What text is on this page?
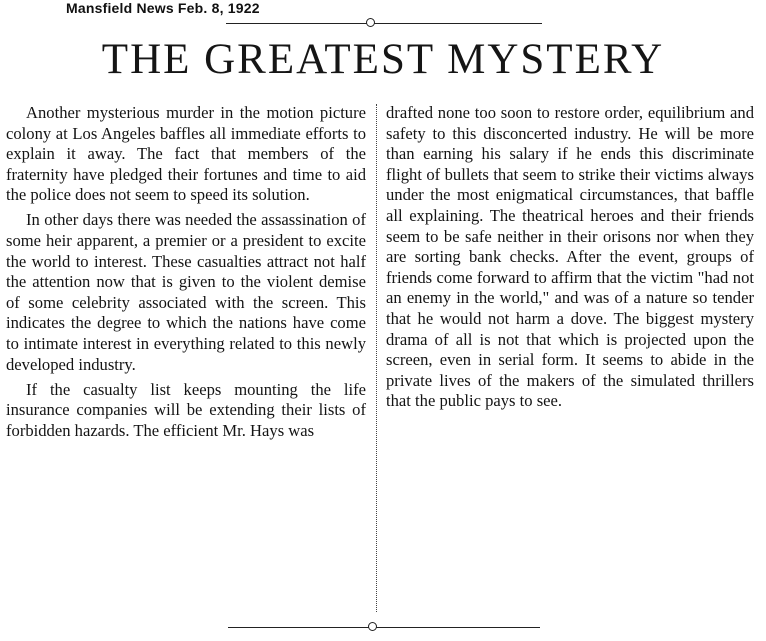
Mansfield News Feb. 8, 1922
THE GREATEST MYSTERY

Another mysterious murder in the motion picture colony at Los Angeles baffles all immediate efforts to explain it away. The fact that members of the fraternity have pledged their fortunes and time to aid the police does not seem to speed its solution.

In other days there was needed the assassination of some heir apparent, a premier or a president to excite the world to interest. These casualties attract not half the attention now that is given to the violent demise of some celebrity associated with the screen. This indicates the degree to which the nations have come to intimate interest in everything related to this newly developed industry.

If the casualty list keeps mounting the life insurance companies will be extending their lists of forbidden hazards. The efficient Mr. Hays was

drafted none too soon to restore order, equilibrium and safety to this disconcerted industry. He will be more than earning his salary if he ends this discriminate flight of bullets that seem to strike their victims always under the most enigmatical circumstances, that baffle all explaining. The theatrical heroes and their friends seem to be safe neither in their orisons nor when they are sorting bank checks. After the event, groups of friends come forward to affirm that the victim "had not an enemy in the world," and was of a nature so tender that he would not harm a dove. The biggest mystery drama of all is not that which is projected upon the screen, even in serial form. It seems to abide in the private lives of the makers of the simulated thrillers that the public pays to see.
